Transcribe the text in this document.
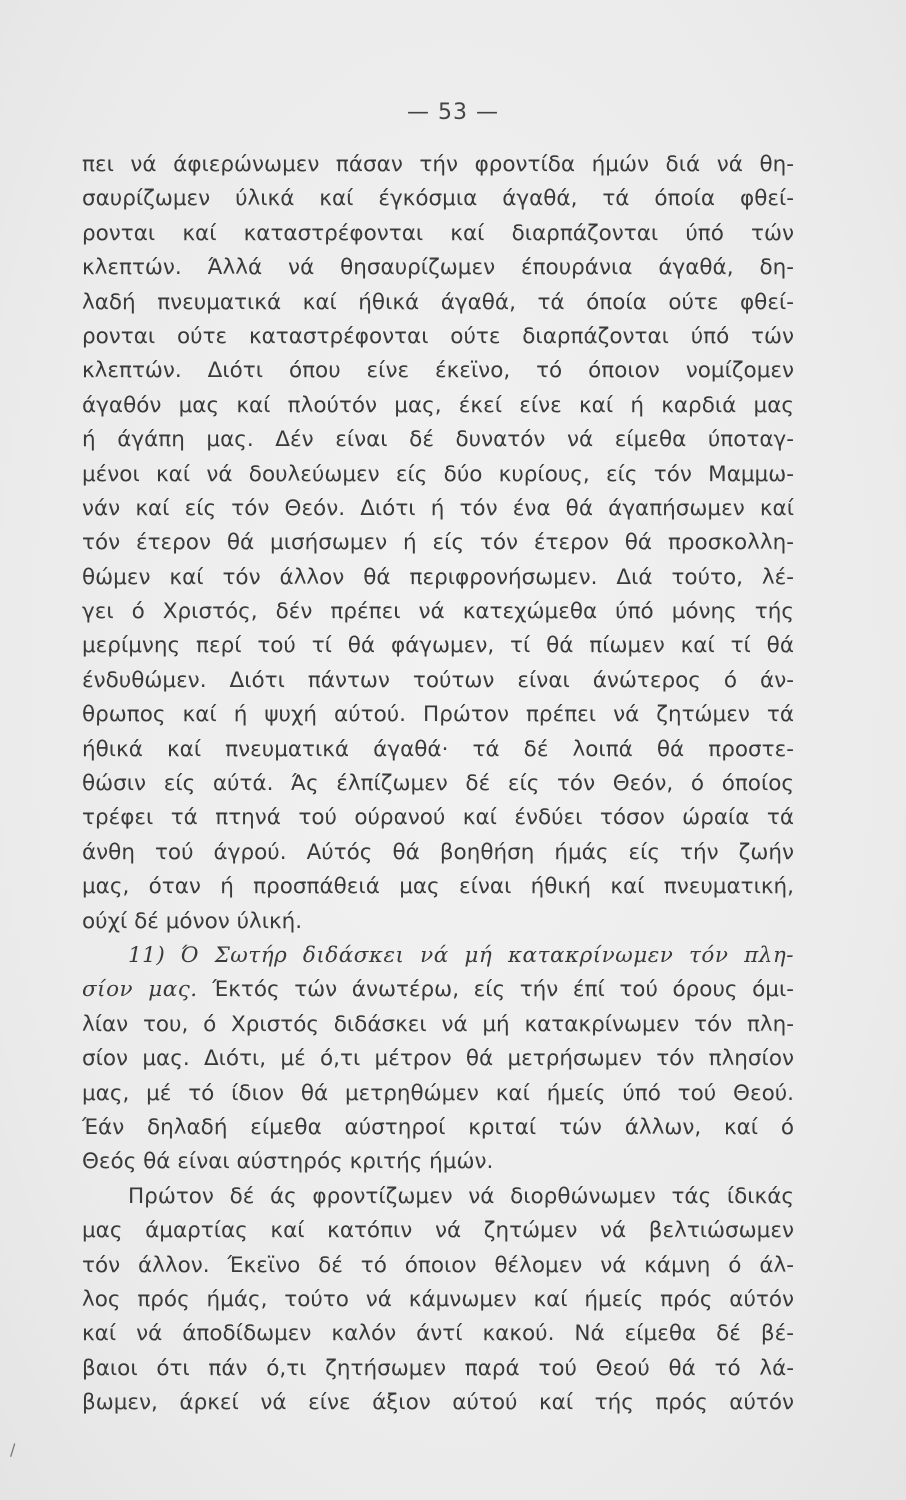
— 53 —
πει νά άφιερώνωμεν πάσαν τήν φροντίδα ήμών διά νά θη-
σαυρίζωμεν ύλικά καί έγκόσμια άγαθά, τά όποία φθεί-
ρονται καί καταστρέφονται καί διαρπάζονται ύπό τών
κλεπτών. Άλλά νά θησαυρίζωμεν έπουράνια άγαθά, δη-
λαδή πνευματικά καί ήθικά άγαθά, τά όποία ούτε φθεί-
ρονται ούτε καταστρέφονται ούτε διαρπάζονται ύπό τών
κλεπτών. Διότι όπου είνε έκεϊνο, τό όποιον νομίζομεν
άγαθόν μας καί πλούτόν μας, έκεί είνε καί ή καρδιά μας
ή άγάπη μας. Δέν είναι δέ δυνατόν νά είμεθα ύποταγ-
μένοι καί νά δουλεύωμεν είς δύο κυρίους, είς τόν Μαμμω-
νάν καί είς τόν Θεόν. Διότι ή τόν ένα θά άγαπήσωμεν καί
τόν έτερον θά μισήσωμεν ή είς τόν έτερον θά προσκολλη-
θώμεν καί τόν άλλον θά περιφρονήσωμεν. Διά τούτο, λέ-
γει ό Χριστός, δέν πρέπει νά κατεχώμεθα ύπό μόνης τής
μερίμνης περί τού τί θά φάγωμεν, τί θά πίωμεν καί τί θά
ένδυθώμεν. Διότι πάντων τούτων είναι άνώτερος ό άν-
θρωπος καί ή ψυχή αύτού. Πρώτον πρέπει νά ζητώμεν τά
ήθικά καί πνευματικά άγαθά· τά δέ λοιπά θά προστε-
θώσιν είς αύτά. Άς έλπίζωμεν δέ είς τόν Θεόν, ό όποίος
τρέφει τά πτηνά τού ούρανού καί ένδύει τόσον ώραία τά
άνθη τού άγρού. Αύτός θά βοηθήση ήμάς είς τήν ζωήν
μας, όταν ή προσπάθειά μας είναι ήθική καί πνευματική,
ούχί δέ μόνον ύλική.
11) Ό Σωτήρ διδάσκει νά μή κατακρίνωμεν τόν πλη-
σίον μας. Έκτός τών άνωτέρω, είς τήν έπί τού όρους όμι-
λίαν του, ό Χριστός διδάσκει νά μή κατακρίνωμεν τόν πλη-
σίον μας. Διότι, μέ ό,τι μέτρον θά μετρήσωμεν τόν πλησίον
μας, μέ τό ίδιον θά μετρηθώμεν καί ήμείς ύπό τού Θεού.
Έάν δηλαδή είμεθα αύστηροί κριταί τών άλλων, καί ό
Θεός θά είναι αύστηρός κριτής ήμών.
Πρώτον δέ άς φροντίζωμεν νά διορθώνωμεν τάς ίδικάς
μας άμαρτίας καί κατόπιν νά ζητώμεν νά βελτιώσωμεν
τόν άλλον. Έκεϊνο δέ τό όποιον θέλομεν νά κάμνη ό άλ-
λος πρός ήμάς, τούτο νά κάμνωμεν καί ήμείς πρός αύτόν
καί νά άποδίδωμεν καλόν άντί κακού. Νά είμεθα δέ βέ-
βαιοι ότι πάν ό,τι ζητήσωμεν παρά τού Θεού θά τό λά-
βωμεν, άρκεί νά είνε άξιον αύτού καί τής πρός αύτόν
/
